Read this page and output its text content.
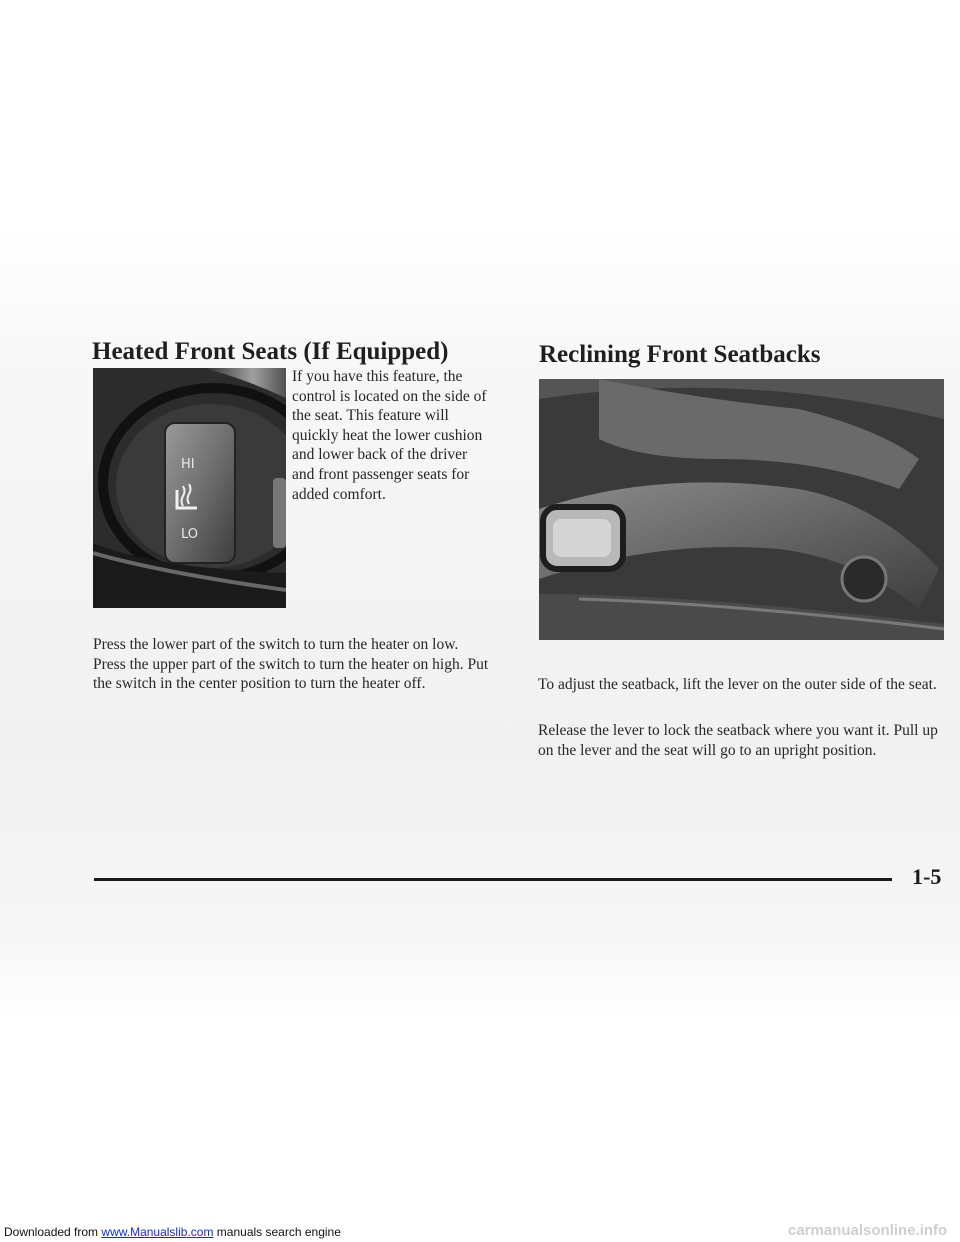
Heated Front Seats (If Equipped)	Reclining Front Seatbacks
HI
LO

If you have this feature, the control is located on the side of the seat. This feature will quickly heat the lower cushion and lower back of the driver and front passenger seats for added comfort.

Press the lower part of the switch to turn the heater on low. Press the upper part of the switch to turn the heater on high. Put the switch in the center position to turn the heater off.	To adjust the seatback, lift the lever on the outer side of the seat.

Release the lever to lock the seatback where you want it. Pull up on the lever and the seat will go to an upright position.

1-5
Downloaded from www.Manualslib.com manuals search engine	carmanualsonline.info
